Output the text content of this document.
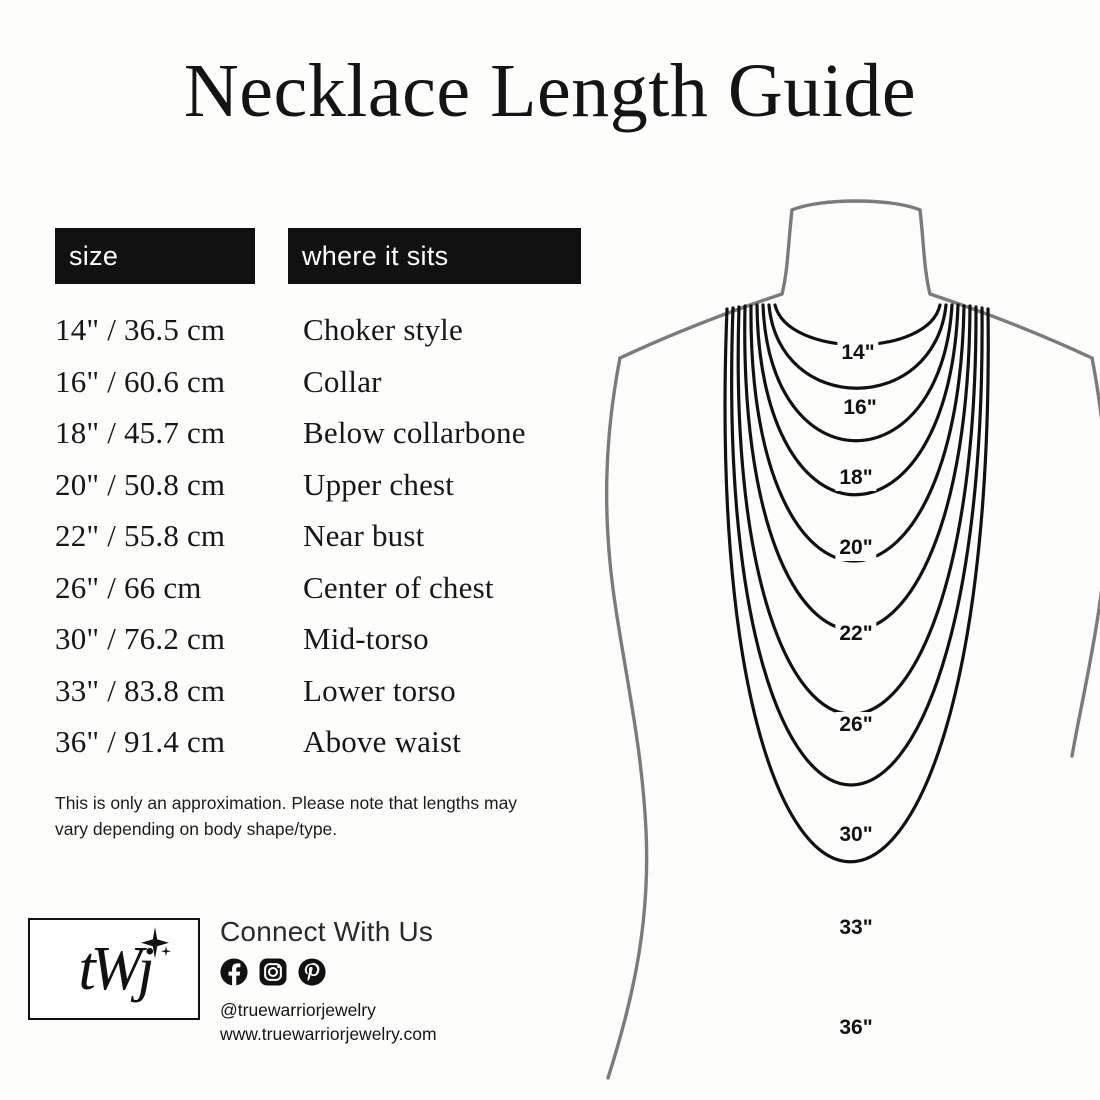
Necklace Length Guide
size	where it sits
14" / 36.5 cm	Choker style
16" / 60.6 cm	Collar
18" / 45.7 cm	Below collarbone
20" / 50.8 cm	Upper chest
22" / 55.8 cm	Near bust
26" / 66 cm	Center of chest
30" / 76.2 cm	Mid-torso
33" / 83.8 cm	Lower torso
36" / 91.4 cm	Above waist

This is only an approximation. Please note that lengths may vary depending on body shape/type.

tWj
Connect With Us
@truewarriorjewelry
www.truewarriorjewelry.com
14"
16"
18"
20"
22"
26"
30"
33"
36"
